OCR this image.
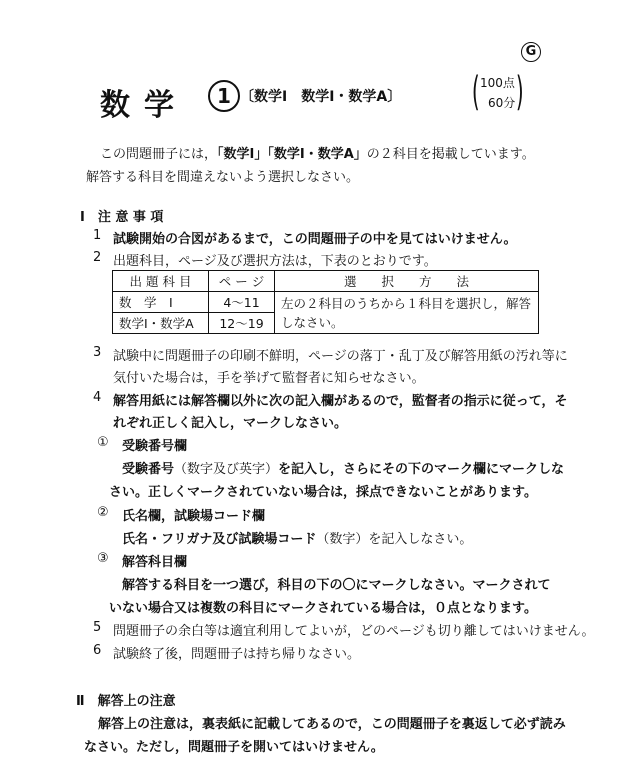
G
数学	1 〔数学Ⅰ　数学Ⅰ・数学A〕 ( 100点
60分 )
この問題冊子には，「数学Ⅰ」「数学Ⅰ・数学A」の２科目を掲載しています。
解答する科目を間違えないよう選択しなさい。
Ⅰ　注 意 事 項
1 試験開始の合図があるまで，この問題冊子の中を見てはいけません。
2 出題科目，ページ及び選択方法は，下表のとおりです。
出 題 科 目	ペ ー ジ	選　　択　　方　　法
数　学　Ⅰ	4〜11	左の２科目のうちから１科目を選択し，解答
しなさい。

数学Ⅰ・数学A	12〜19	
3 試験中に問題冊子の印刷不鮮明，ページの落丁・乱丁及び解答用紙の汚れ等に
気付いた場合は，手を挙げて監督者に知らせなさい。
4 解答用紙には解答欄以外に次の記入欄があるので，監督者の指示に従って，そ
れぞれ正しく記入し，マークしなさい。
① 受験番号欄
受験番号（数字及び英字）を記入し，さらにその下のマーク欄にマークしな
さい。正しくマークされていない場合は，採点できないことがあります。
② 氏名欄，試験場コード欄
氏名・フリガナ及び試験場コード（数字）を記入しなさい。
③ 解答科目欄
解答する科目を一つ選び，科目の下の〇にマークしなさい。マークされて
いない場合又は複数の科目にマークされている場合は，０点となります。
5 問題冊子の余白等は適宜利用してよいが，どのページも切り離してはいけません。
6 試験終了後，問題冊子は持ち帰りなさい。
Ⅱ　解答上の注意
解答上の注意は，裏表紙に記載してあるので，この問題冊子を裏返して必ず読み
なさい。ただし，問題冊子を開いてはいけません。
